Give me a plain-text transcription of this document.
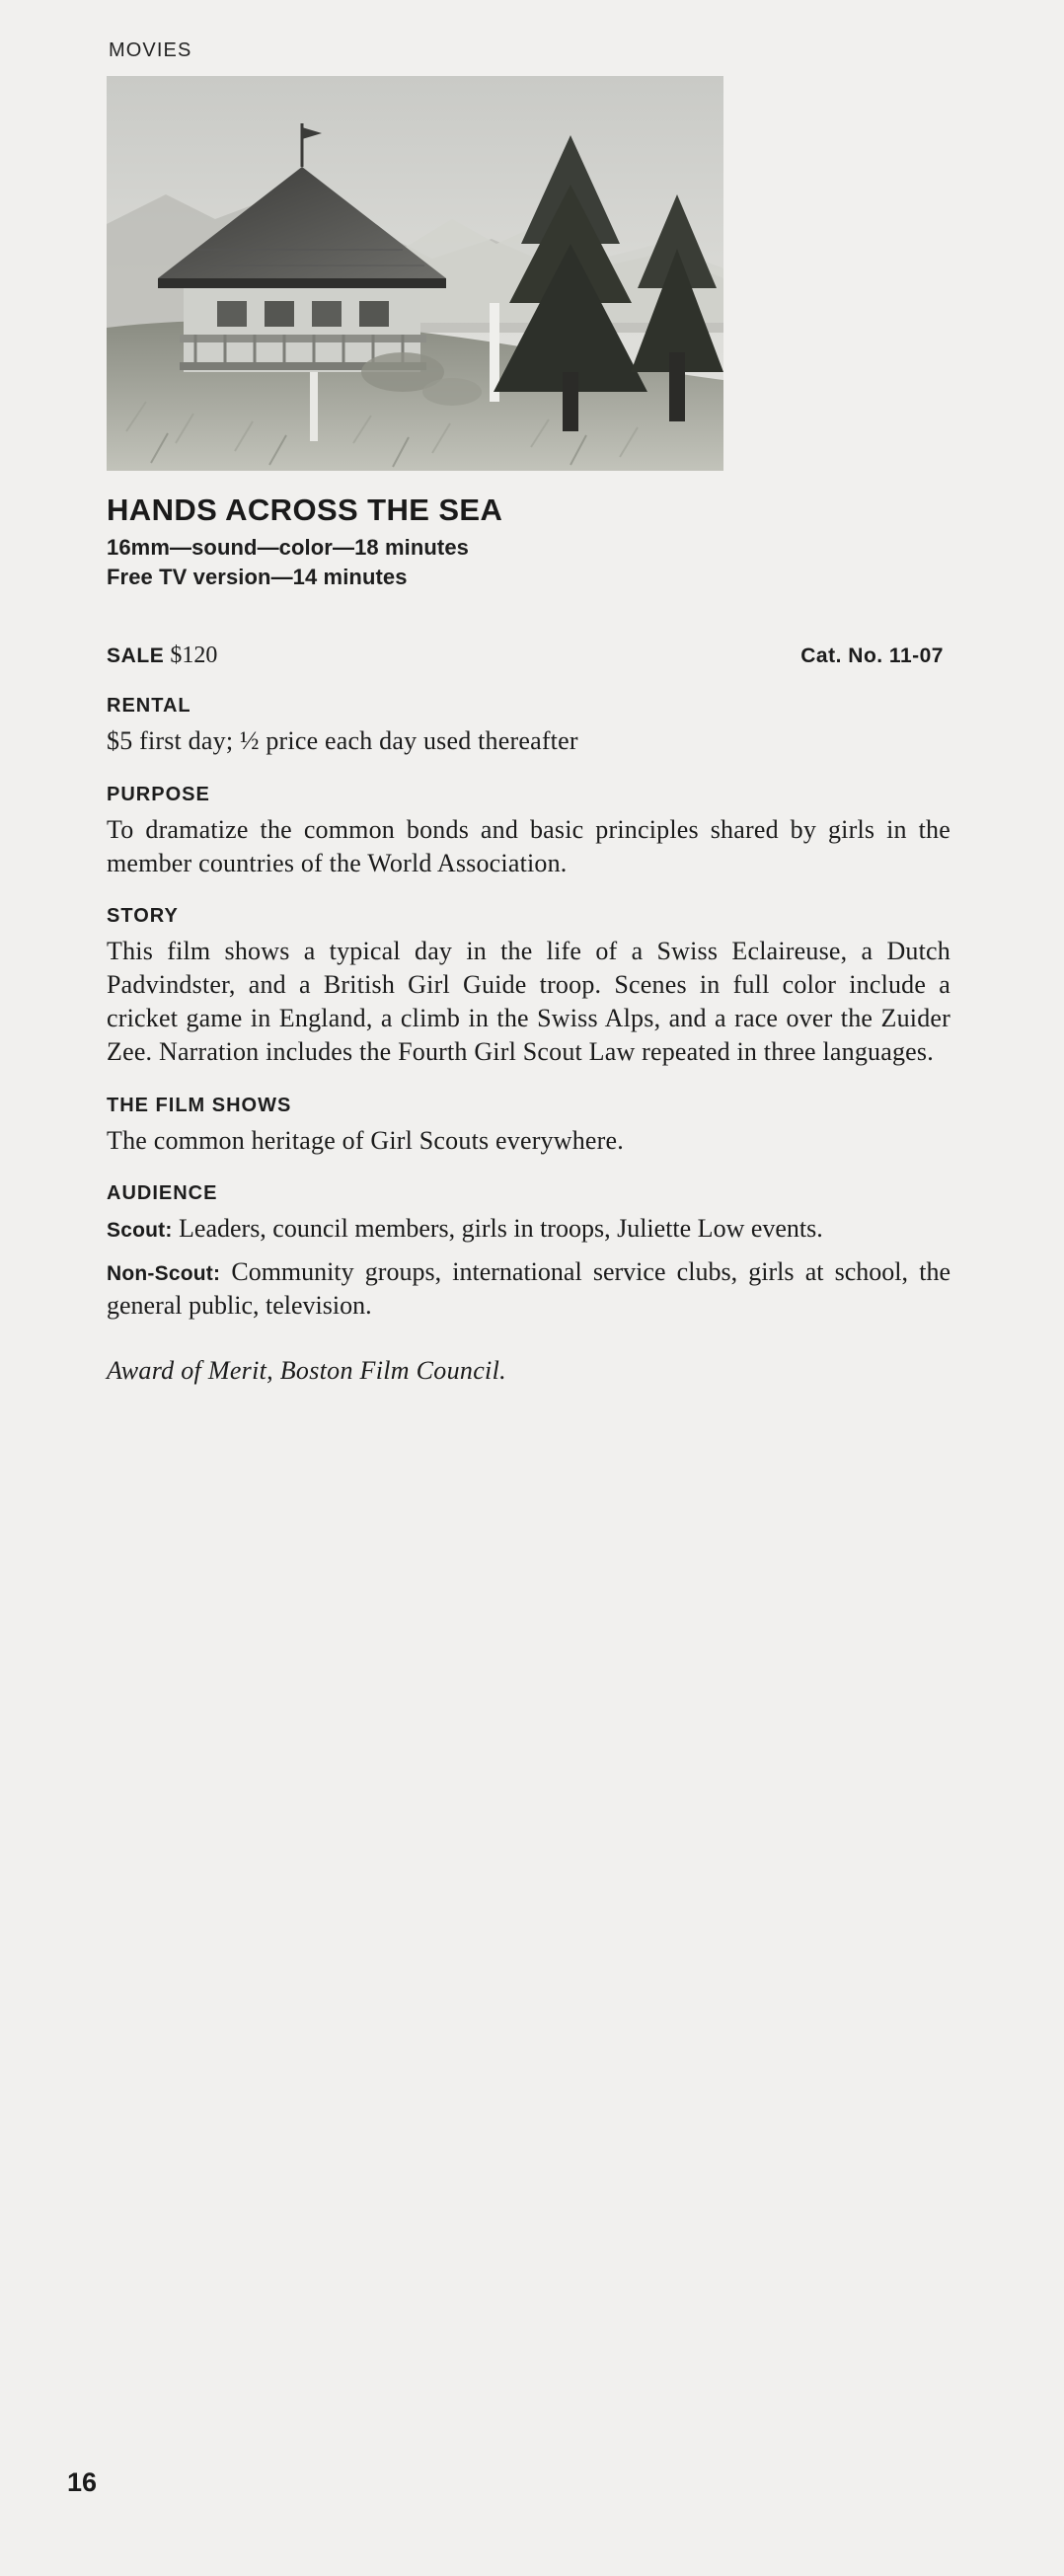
MOVIES
HANDS ACROSS THE SEA
16mm—sound—color—18 minutes
Free TV version—14 minutes
SALE $120	Cat. No. 11-07
RENTAL

$5 first day; ½ price each day used thereafter

PURPOSE

To dramatize the common bonds and basic principles shared by girls in the member countries of the World Association.

STORY

This film shows a typical day in the life of a Swiss Eclaireuse, a Dutch Padvindster, and a British Girl Guide troop. Scenes in full color include a cricket game in England, a climb in the Swiss Alps, and a race over the Zuider Zee. Narration includes the Fourth Girl Scout Law repeated in three languages.

THE FILM SHOWS

The common heritage of Girl Scouts everywhere.

AUDIENCE

Scout: Leaders, council members, girls in troops, Juliette Low events.

Non-Scout: Community groups, international service clubs, girls at school, the general public, television.

Award of Merit, Boston Film Council.
16
